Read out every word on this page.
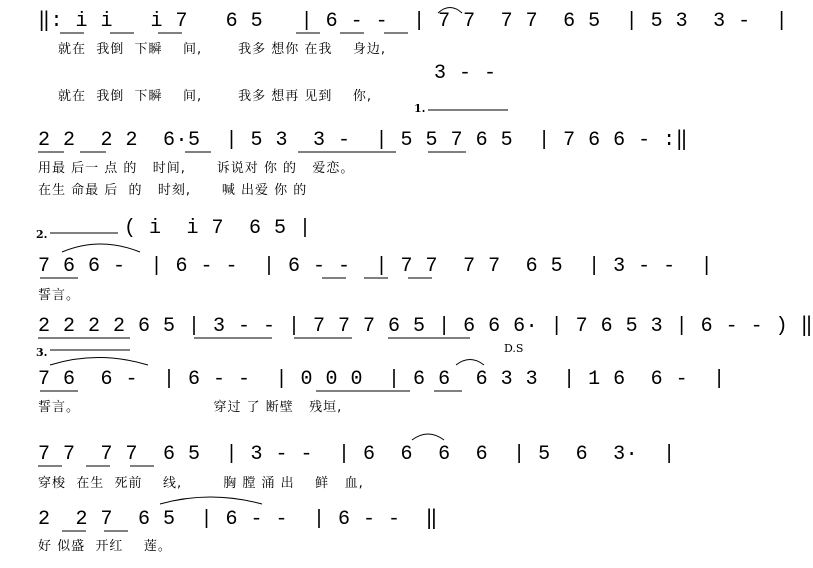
‖: i i   i 7   6 5   | 6 - -  | 7 7  7 7  6 5  | 5 3  3 -  |
就在  我倒  下瞬    间,       我多 想你 在我    身边,
3 - -
就在  我倒  下瞬    间,       我多 想再 见到    你,
1.
2 2  2 2  6·5  | 5 3  3 -  | 5 5 7 6 5  | 7 6 6 - :‖
用最 后一 点 的   时间,      诉说对 你 的   爱恋。
在生 命最 后  的   时刻,      喊 出爱 你 的
2.	( i  i 7  6 5 |
7 6 6 -  | 6 - -  | 6 - -  | 7 7  7 7  6 5  | 3 - -  |
誓言。
2 2 2 2 6 5 | 3 - - | 7 7 7 6 5 | 6 6 6· | 7 6 5 3 | 6 - - ) ‖
3.	D.S
7 6  6 -  | 6 - -  | 0 0 0  | 6 6  6 3 3  | 1 6  6 -  |
誓言。                          穿过 了 断壁   残垣,
7 7  7 7  6 5  | 3 - -  | 6  6  6  6  | 5  6  3·  |
穿梭  在生  死前    线,        胸 膛 涌 出    鲜   血,
2  2 7  6 5  | 6 - -  | 6 - -  ‖
好 似盛  开红    莲。
